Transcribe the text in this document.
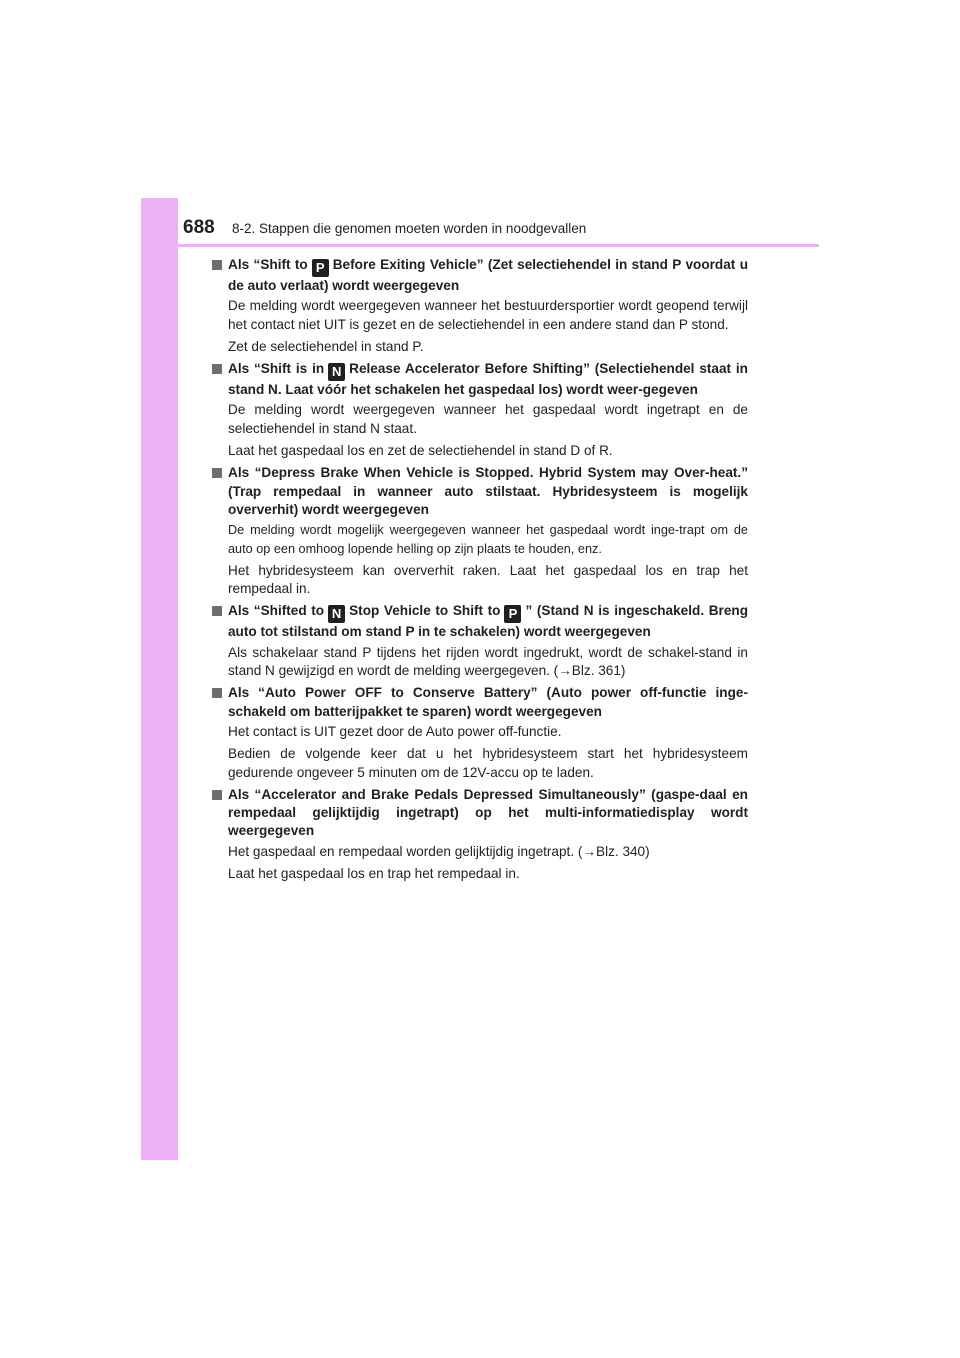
688 8-2. Stappen die genomen moeten worden in noodgevallen
Als “Shift to P Before Exiting Vehicle” (Zet selectiehendel in stand P voordat u de auto verlaat) wordt weergegeven

De melding wordt weergegeven wanneer het bestuurdersportier wordt geopend terwijl het contact niet UIT is gezet en de selectiehendel in een andere stand dan P stond.

Zet de selectiehendel in stand P.

Als “Shift is in N Release Accelerator Before Shifting” (Selectiehendel staat in stand N. Laat vóór het schakelen het gaspedaal los) wordt weer-gegeven

De melding wordt weergegeven wanneer het gaspedaal wordt ingetrapt en de selectiehendel in stand N staat.

Laat het gaspedaal los en zet de selectiehendel in stand D of R.

Als “Depress Brake When Vehicle is Stopped. Hybrid System may Over-heat.” (Trap rempedaal in wanneer auto stilstaat. Hybridesysteem is mogelijk oververhit) wordt weergegeven

De melding wordt mogelijk weergegeven wanneer het gaspedaal wordt inge-trapt om de auto op een omhoog lopende helling op zijn plaats te houden, enz.

Het hybridesysteem kan oververhit raken. Laat het gaspedaal los en trap het rempedaal in.

Als “Shifted to N Stop Vehicle to Shift to P ” (Stand N is ingeschakeld. Breng auto tot stilstand om stand P in te schakelen) wordt weergegeven

Als schakelaar stand P tijdens het rijden wordt ingedrukt, wordt de schakel-stand in stand N gewijzigd en wordt de melding weergegeven. (→Blz. 361)

Als “Auto Power OFF to Conserve Battery” (Auto power off-functie inge-schakeld om batterijpakket te sparen) wordt weergegeven

Het contact is UIT gezet door de Auto power off-functie.

Bedien de volgende keer dat u het hybridesysteem start het hybridesysteem gedurende ongeveer 5 minuten om de 12V-accu op te laden.

Als “Accelerator and Brake Pedals Depressed Simultaneously” (gaspe-daal en rempedaal gelijktijdig ingetrapt) op het multi-informatiedisplay wordt weergegeven

Het gaspedaal en rempedaal worden gelijktijdig ingetrapt. (→Blz. 340)

Laat het gaspedaal los en trap het rempedaal in.
